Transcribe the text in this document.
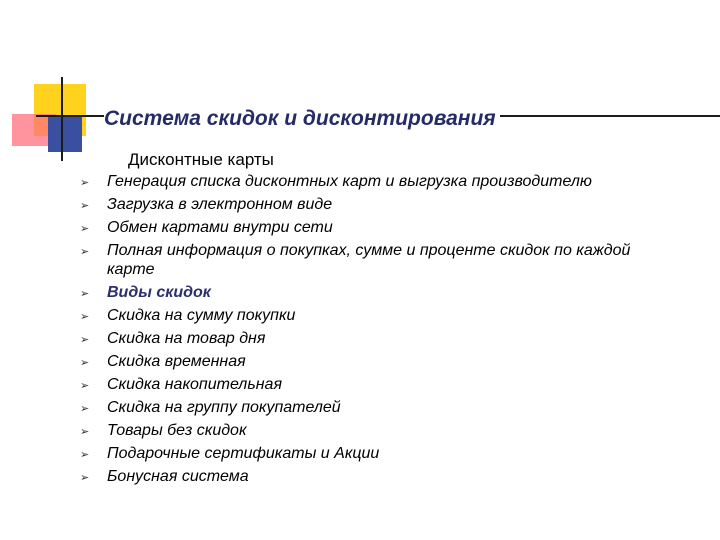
Система скидок и дисконтирования

Дисконтные карты

➢ Генерация списка дисконтных карт и выгрузка производителю
➢ Загрузка в электронном виде
➢ Обмен картами внутри сети
➢ Полная информация о покупках, сумме и проценте скидок по каждой карте
➢ Виды скидок
➢ Скидка на сумму покупки
➢ Скидка на товар дня
➢ Скидка временная
➢ Скидка накопительная
➢ Скидка на группу покупателей
➢ Товары без скидок
➢ Подарочные сертификаты и Акции
➢ Бонусная система
